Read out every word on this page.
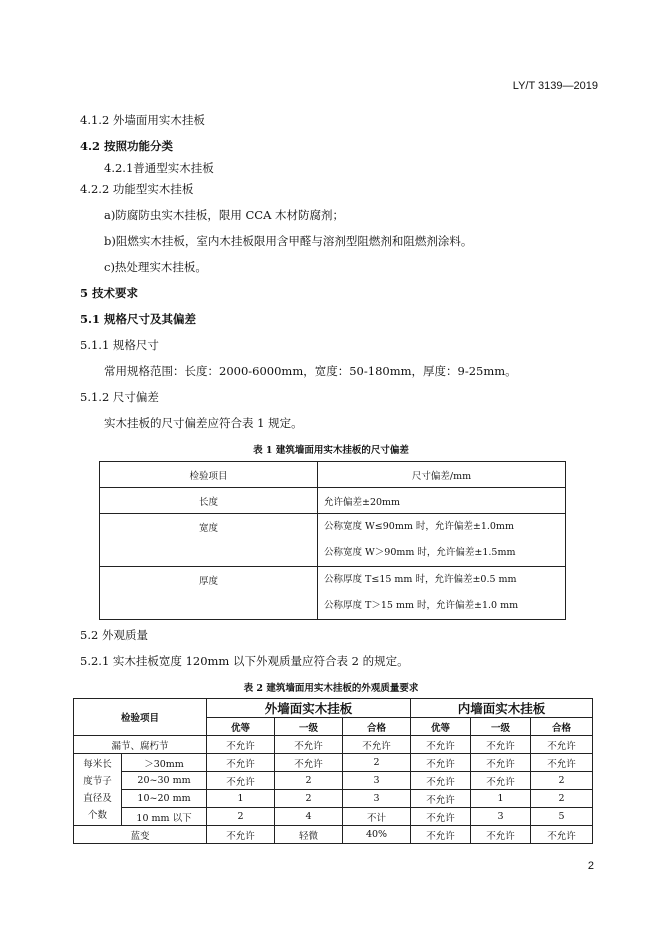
LY/T 3139—2019
4.1.2 外墙面用实木挂板
4.2 按照功能分类
4.2.1普通型实木挂板
4.2.2 功能型实木挂板
a)防腐防虫实木挂板，限用 CCA 木材防腐剂；
b)阻燃实木挂板，室内木挂板限用含甲醛与溶剂型阻燃剂和阻燃剂涂料。
c)热处理实木挂板。
5 技术要求
5.1 规格尺寸及其偏差
5.1.1 规格尺寸
常用规格范围：长度：2000-6000mm，宽度：50-180mm，厚度：9-25mm。
5.1.2 尺寸偏差
实木挂板的尺寸偏差应符合表 1 规定。
表 1 建筑墙面用实木挂板的尺寸偏差
检验项目	尺寸偏差/mm
长度	允许偏差±20mm
宽度	公称宽度 W≤90mm 时，允许偏差±1.0mm
公称宽度 W＞90mm 时，允许偏差±1.5mm

厚度	公称厚度 T≤15 mm 时，允许偏差±0.5 mm
公称厚度 T＞15 mm 时，允许偏差±1.0 mm
5.2 外观质量
5.2.1 实木挂板宽度 120mm 以下外观质量应符合表 2 的规定。
表 2 建筑墙面用实木挂板的外观质量要求
检验项目		外墙面实木挂板			内墙面实木挂板		
		优等	一级	合格	优等	一级	合格
漏节、腐朽节		不允许	不允许	不允许	不允许	不允许	不允许

每米长
度节子
直径及
个数	＞30mm	不允许	不允许	2	不允许	不允许	不允许
	20~30 mm	不允许	2	3	不允许	不允许	2
	10~20 mm	1	2	3	不允许	1	2
	10 mm 以下	2	4	不计	不允许	3	5
蓝变		不允许	轻微	40%	不允许	不允许	不允许
2
